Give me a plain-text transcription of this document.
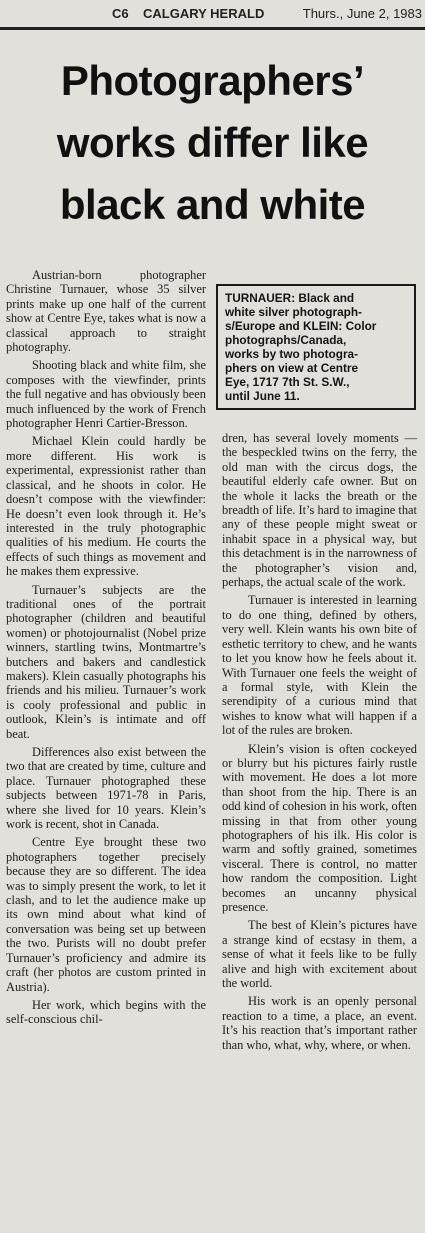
C6 CALGARY HERALD	Thurs., June 2, 1983
Photographers’
works differ like
black and white

Austrian-born photographer Christine Turnauer, whose 35 silver prints make up one half of the current show at Centre Eye, takes what is now a classical approach to straight photography.

Shooting black and white film, she composes with the viewfinder, prints the full negative and has obviously been much influenced by the work of French photographer Henri Cartier-Bresson.

Michael Klein could hardly be more different. His work is experimental, expressionist rather than classical, and he shoots in color. He doesn’t compose with the viewfinder: He doesn’t even look through it. He’s interested in the truly photographic qualities of his medium. He courts the effects of such things as movement and he makes them expressive.

Turnauer’s subjects are the traditional ones of the portrait photographer (children and beautiful women) or photojournalist (Nobel prize winners, startling twins, Montmartre’s butchers and bakers and candlestick makers). Klein casually photographs his friends and his milieu. Turnauer’s work is cooly professional and public in outlook, Klein’s is intimate and off beat.

Differences also exist between the two that are created by time, culture and place. Turnauer photographed these subjects between 1971-78 in Paris, where she lived for 10 years. Klein’s work is recent, shot in Canada.

Centre Eye brought these two photographers together precisely because they are so different. The idea was to simply present the work, to let it clash, and to let the audience make up its own mind about what kind of conversation was being set up between the two. Purists will no doubt prefer Turnauer’s proficiency and admire its craft (her photos are custom printed in Austria).

Her work, which begins with the self-conscious chil-

TURNAUER: Black and
white silver photograph-
s/Europe and KLEIN: Color
photographs/Canada,
works by two photogra-
phers on view at Centre
Eye, 1717 7th St. S.W.,
until June 11.

dren, has several lovely moments — the bespeckled twins on the ferry, the old man with the circus dogs, the beautiful elderly cafe owner. But on the whole it lacks the breath or the breadth of life. It’s hard to imagine that any of these people might sweat or inhabit space in a physical way, but this detachment is in the narrowness of the photographer’s vision and, perhaps, the actual scale of the work.

Turnauer is interested in learning to do one thing, defined by others, very well. Klein wants his own bite of esthetic territory to chew, and he wants to let you know how he feels about it. With Turnauer one feels the weight of a formal style, with Klein the serendipity of a curious mind that wishes to know what will happen if a lot of the rules are broken.

Klein’s vision is often cockeyed or blurry but his pictures fairly rustle with movement. He does a lot more than shoot from the hip. There is an odd kind of cohesion in his work, often missing in that from other young photographers of his ilk. His color is warm and softly grained, sometimes visceral. There is control, no matter how random the composition. Light becomes an uncanny physical presence.

The best of Klein’s pictures have a strange kind of ecstasy in them, a sense of what it feels like to be fully alive and high with excitement about the world.

His work is an openly personal reaction to a time, a place, an event. It’s his reaction that’s important rather than who, what, why, where, or when.
